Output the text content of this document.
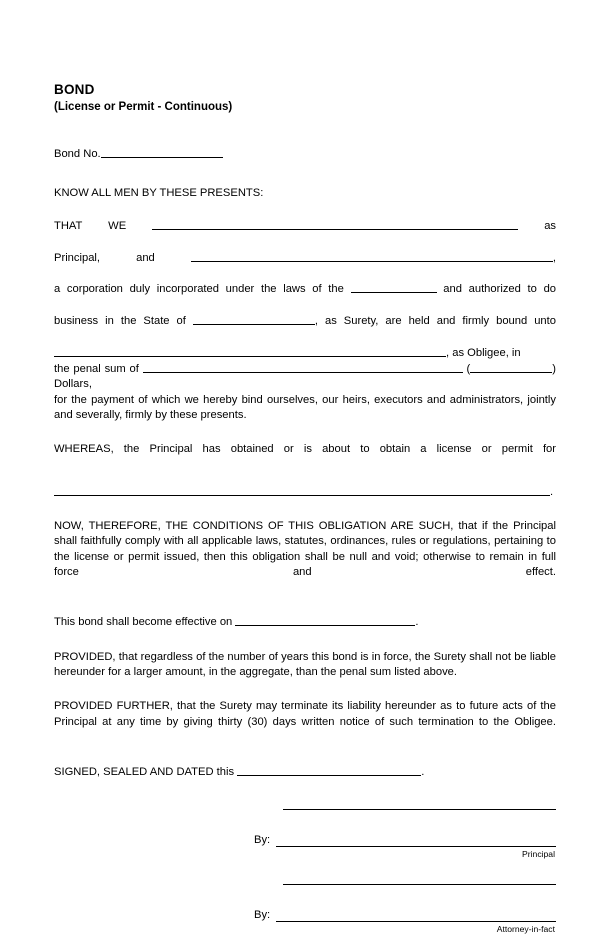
BOND
(License or Permit - Continuous)
Bond No.
KNOW ALL MEN BY THESE PRESENTS:
THAT WE	as
Principal, and	,
a corporation duly incorporated under the laws of the	and authorized to do
business in the State of	, as Surety, are held and firmly bound unto
, as Obligee, in
the penal sum of	(	) Dollars,
for the payment of which we hereby bind ourselves, our heirs, executors and administrators, jointly and severally, firmly by these presents.
WHEREAS, the Principal has obtained or is about to obtain a license or permit for
.
NOW, THEREFORE, THE CONDITIONS OF THIS OBLIGATION ARE SUCH, that if the Principal shall faithfully comply with all applicable laws, statutes, ordinances, rules or regulations, pertaining to the license or permit issued, then this obligation shall be null and void; otherwise to remain in full force and effect.
This bond shall become effective on	.
PROVIDED, that regardless of the number of years this bond is in force, the Surety shall not be liable hereunder for a larger amount, in the aggregate, than the penal sum listed above.
PROVIDED FURTHER, that the Surety may terminate its liability hereunder as to future acts of the Principal at any time by giving thirty (30) days written notice of such termination to the Obligee.
SIGNED, SEALED AND DATED this	.
By:
Principal
By:
Attorney-in-fact
